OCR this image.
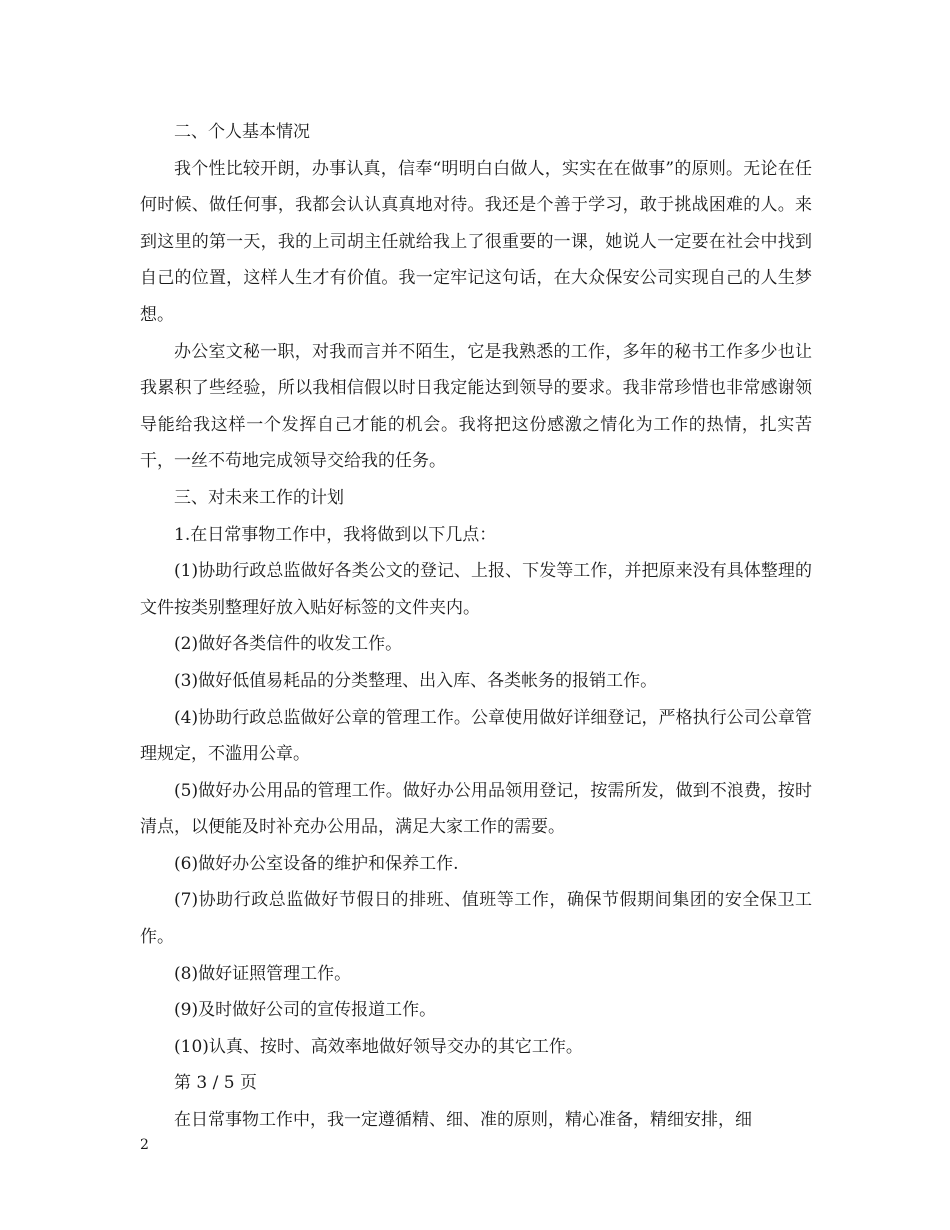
二、个人基本情况

我个性比较开朗，办事认真，信奉“明明白白做人，实实在在做事”的原则。无论在任何时候、做任何事，我都会认认真真地对待。我还是个善于学习，敢于挑战困难的人。来到这里的第一天，我的上司胡主任就给我上了很重要的一课，她说人一定要在社会中找到自己的位置，这样人生才有价值。我一定牢记这句话，在大众保安公司实现自己的人生梦想。

办公室文秘一职，对我而言并不陌生，它是我熟悉的工作，多年的秘书工作多少也让我累积了些经验，所以我相信假以时日我定能达到领导的要求。我非常珍惜也非常感谢领导能给我这样一个发挥自己才能的机会。我将把这份感激之情化为工作的热情，扎实苦干，一丝不苟地完成领导交给我的任务。

三、对未来工作的计划

1.在日常事物工作中，我将做到以下几点：

(1)协助行政总监做好各类公文的登记、上报、下发等工作，并把原来没有具体整理的文件按类别整理好放入贴好标签的文件夹内。

(2)做好各类信件的收发工作。

(3)做好低值易耗品的分类整理、出入库、各类帐务的报销工作。

(4)协助行政总监做好公章的管理工作。公章使用做好详细登记，严格执行公司公章管理规定，不滥用公章。

(5)做好办公用品的管理工作。做好办公用品领用登记，按需所发，做到不浪费，按时清点，以便能及时补充办公用品，满足大家工作的需要。

(6)做好办公室设备的维护和保养工作.

(7)协助行政总监做好节假日的排班、值班等工作，确保节假期间集团的安全保卫工作。

(8)做好证照管理工作。

(9)及时做好公司的宣传报道工作。

(10)认真、按时、高效率地做好领导交办的其它工作。

第 3 / 5 页

在日常事物工作中，我一定遵循精、细、准的原则，精心准备，精细安排，细

2
